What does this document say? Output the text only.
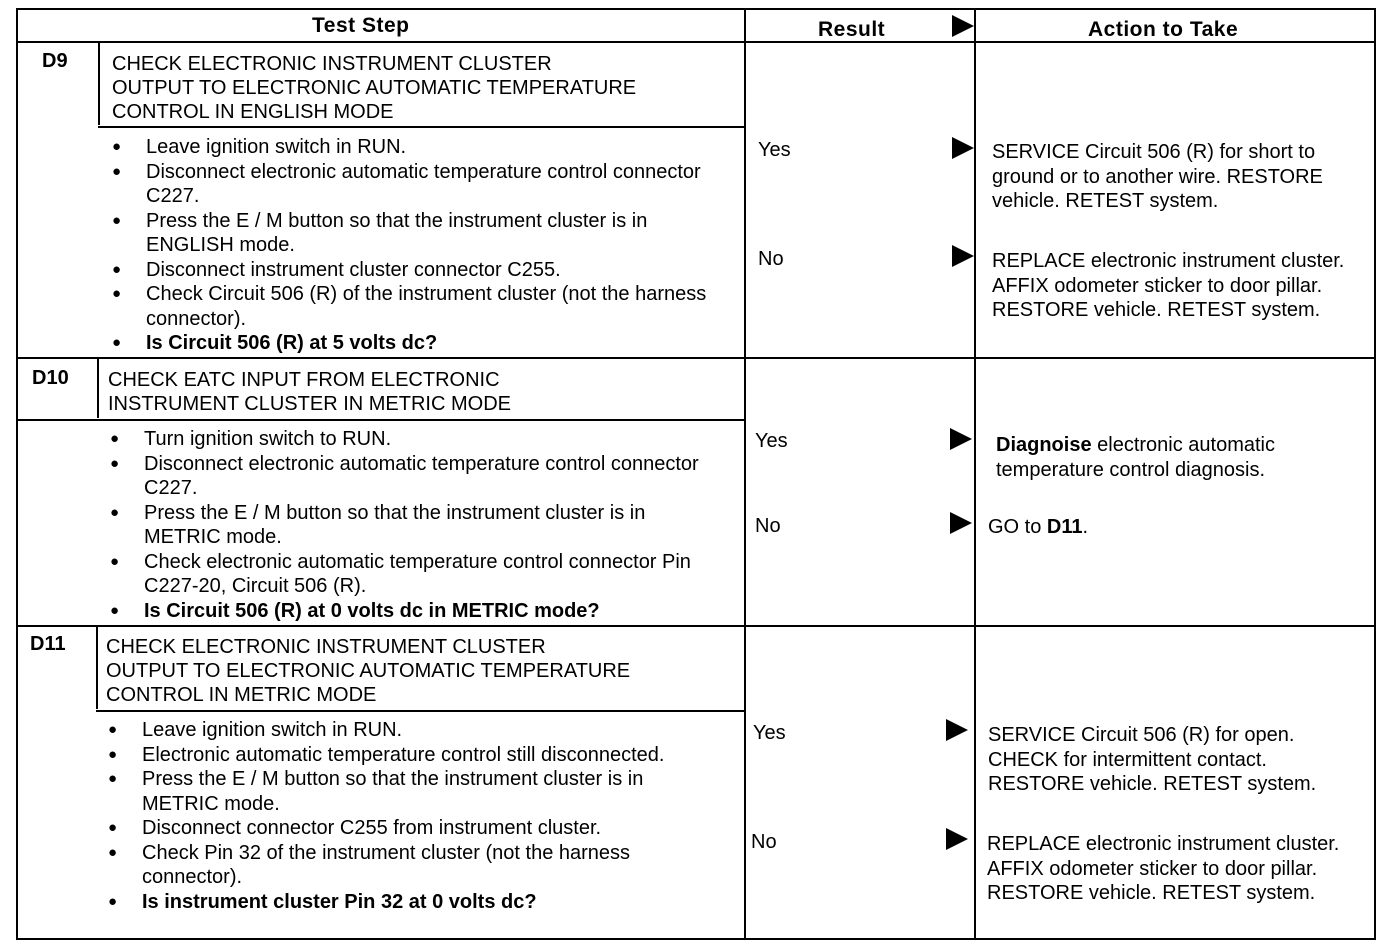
Test Step	Result	Action to Take
D9 CHECK ELECTRONIC INSTRUMENT CLUSTER
OUTPUT TO ELECTRONIC AUTOMATIC TEMPERATURE
CONTROL IN ENGLISH MODE
● Leave ignition switch in RUN.
● Disconnect electronic automatic temperature control connector C227.
● Press the E / M button so that the instrument cluster is in ENGLISH mode.
● Disconnect instrument cluster connector C255.
● Check Circuit 506 (R) of the instrument cluster (not the harness connector).
● Is Circuit 506 (R) at 5 volts dc?
Yes
No
SERVICE Circuit 506 (R) for short to ground or to another wire. RESTORE vehicle. RETEST system.
REPLACE electronic instrument cluster. AFFIX odometer sticker to door pillar. RESTORE vehicle. RETEST system.
D10 CHECK EATC INPUT FROM ELECTRONIC
INSTRUMENT CLUSTER IN METRIC MODE
● Turn ignition switch to RUN.
● Disconnect electronic automatic temperature control connector C227.
● Press the E / M button so that the instrument cluster is in METRIC mode.
● Check electronic automatic temperature control connector Pin C227-20, Circuit 506 (R).
● Is Circuit 506 (R) at 0 volts dc in METRIC mode?
Yes
No
Diagnoise electronic automatic temperature control diagnosis.
GO to D11.
D11 CHECK ELECTRONIC INSTRUMENT CLUSTER
OUTPUT TO ELECTRONIC AUTOMATIC TEMPERATURE
CONTROL IN METRIC MODE
● Leave ignition switch in RUN.
● Electronic automatic temperature control still disconnected.
● Press the E / M button so that the instrument cluster is in METRIC mode.
● Disconnect connector C255 from instrument cluster.
● Check Pin 32 of the instrument cluster (not the harness connector).
● Is instrument cluster Pin 32 at 0 volts dc?
Yes
No
SERVICE Circuit 506 (R) for open. CHECK for intermittent contact. RESTORE vehicle. RETEST system.
REPLACE electronic instrument cluster. AFFIX odometer sticker to door pillar. RESTORE vehicle. RETEST system.
